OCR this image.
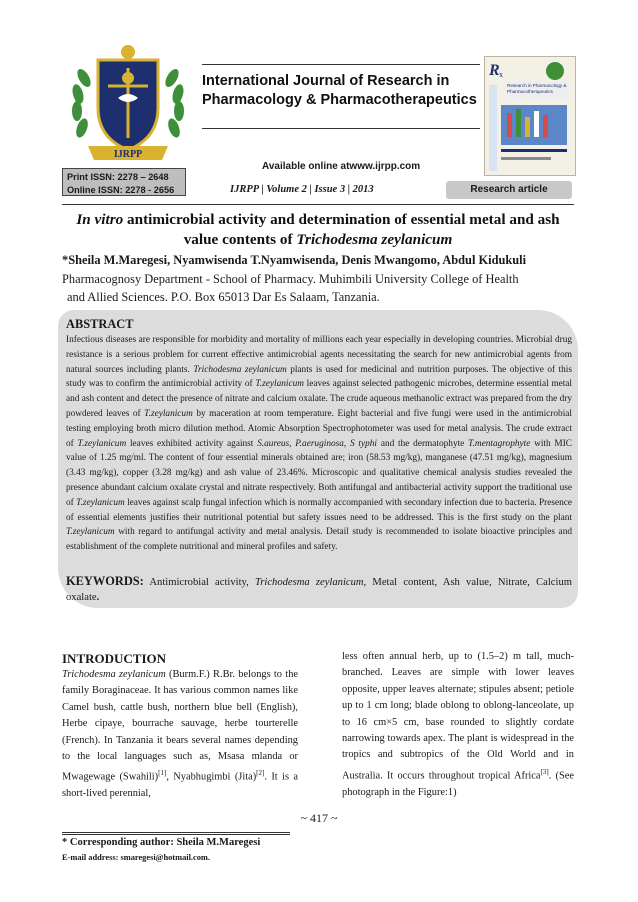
IJRPP
International Journal of Research in
Pharmacology & Pharmacotherapeutics
R x
Research in Pharmacology & Pharmacotherapeutics
Available online atwww.ijrpp.com
Print ISSN: 2278 – 2648
Online ISSN: 2278 - 2656	IJRPP | Volume 2 | Issue 3 | 2013	Research article
In vitro antimicrobial activity and determination of essential metal and ash value contents of Trichodesma zeylanicum
*Sheila M.Maregesi, Nyamwisenda T.Nyamwisenda, Denis Mwangomo, Abdul Kidukuli
Pharmacognosy Department - School of Pharmacy. Muhimbili University College of Health
and Allied Sciences. P.O. Box 65013 Dar Es Salaam, Tanzania.
ABSTRACT
Infectious diseases are responsible for morbidity and mortality of millions each year especially in developing countries. Microbial drug resistance is a serious problem for current effective antimicrobial agents necessitating the search for new antimicrobial agents from natural sources including plants. Trichodesma zeylanicum plants is used for medicinal and nutrition purposes. The objective of this study was to confirm the antimicrobial activity of T.zeylanicum leaves against selected pathogenic microbes, determine essential metal and ash content and detect the presence of nitrate and calcium oxalate. The crude aqueous methanolic extract was prepared from the dry powdered leaves of T.zeylanicum by maceration at room temperature. Eight bacterial and five fungi were used in the antimicrobial testing employing broth micro dilution method. Atomic Absorption Spectrophotometer was used for metal analysis. The crude extract of T.zeylanicum leaves exhibited activity against S.aureus, P.aeruginosa, S typhi and the dermatophyte T.mentagrophyte with MIC value of 1.25 mg/ml. The content of four essential minerals obtained are; iron (58.53 mg/kg), manganese (47.51 mg/kg), magnesium (3.43 mg/kg), copper (3.28 mg/kg) and ash value of 23.46%. Microscopic and qualitative chemical analysis studies revealed the presence abundant calcium oxalate crystal and nitrate respectively. Both antifungal and antibacterial activity support the traditional use of T.zeylanicum leaves against scalp fungal infection which is normally accompanied with secondary infection due to bacteria. Presence of essential elements justifies their nutritional potential but safety issues need to be addressed. This is the first study on the plant T.zeylanicum with regard to antifungal activity and metal analysis. Detail study is recommended to isolate bioactive principles and establishment of the complete nutritional and mineral profiles and safety.
KEYWORDS: Antimicrobial activity, Trichodesma zeylanicum, Metal content, Ash value, Nitrate, Calcium oxalate.
INTRODUCTION
Trichodesma zeylanicum (Burm.F.) R.Br. belongs to the family Boraginaceae. It has various common names like Camel bush, cattle bush, northern blue bell (English), Herbe cipaye, bourrache sauvage, herbe tourterelle (French). In Tanzania it bears several names depending to the local languages such as, Msasa mlanda or Mwagewage (Swahili)[1], Nyabhugimbi (Jita)[2]. It is a short-lived perennial,
less often annual herb, up to (1.5–2) m tall, much-branched. Leaves are simple with lower leaves opposite, upper leaves alternate; stipules absent; petiole up to 1 cm long; blade oblong to oblong-lanceolate, up to 16 cm×5 cm, base rounded to slightly cordate narrowing towards apex. The plant is widespread in the tropics and subtropics of the Old World and in Australia. It occurs throughout tropical Africa[3]. (See photograph in the Figure:1)
~ 417 ~
* Corresponding author: Sheila M.Maregesi
E-mail address: smaregesi@hotmail.com.
